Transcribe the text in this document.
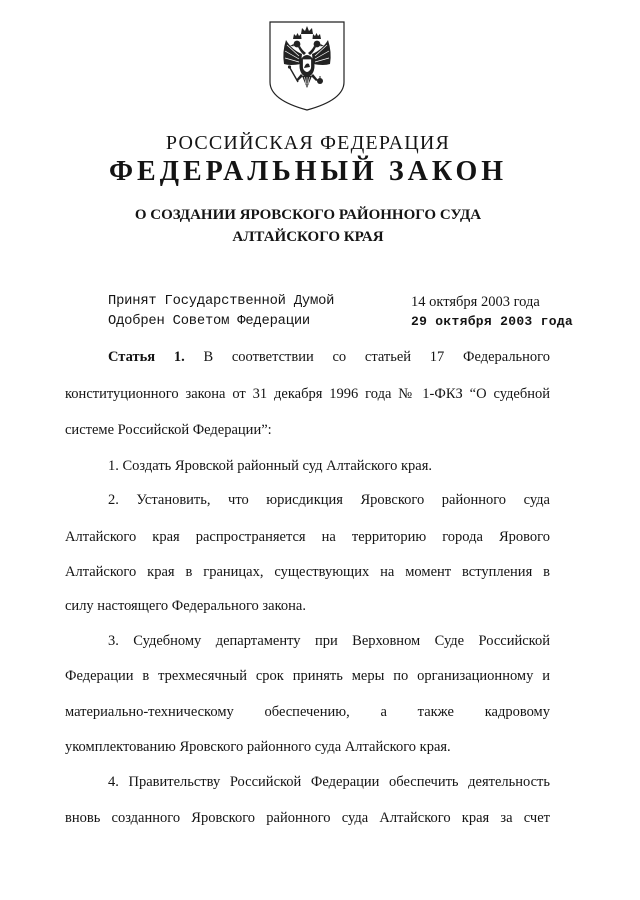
РОССИЙСКАЯ ФЕДЕРАЦИЯ
ФЕДЕРАЛЬНЫЙ ЗАКОН
О СОЗДАНИИ ЯРОВСКОГО РАЙОННОГО СУДА
АЛТАЙСКОГО КРАЯ
Принят Государственной Думой	14 октября 2003 года
Одобрен Советом Федерации	29 октября 2003 года
Статья 1. В соответствии со статьей 17 Федерального
конституционного закона от 31 декабря 1996 года № 1-ФКЗ “О судебной
системе Российской Федерации”:
1. Создать Яровской районный суд Алтайского края.
2. Установить, что юрисдикция Яровского районного суда
Алтайского края распространяется на территорию города Ярового
Алтайского края в границах, существующих на момент вступления в
силу настоящего Федерального закона.
3. Судебному департаменту при Верховном Суде Российской
Федерации в трехмесячный срок принять меры по организационному и
материально-техническому обеспечению, а также кадровому
укомплектованию Яровского районного суда Алтайского края.
4. Правительству Российской Федерации обеспечить деятельность
вновь созданного Яровского районного суда Алтайского края за счет
